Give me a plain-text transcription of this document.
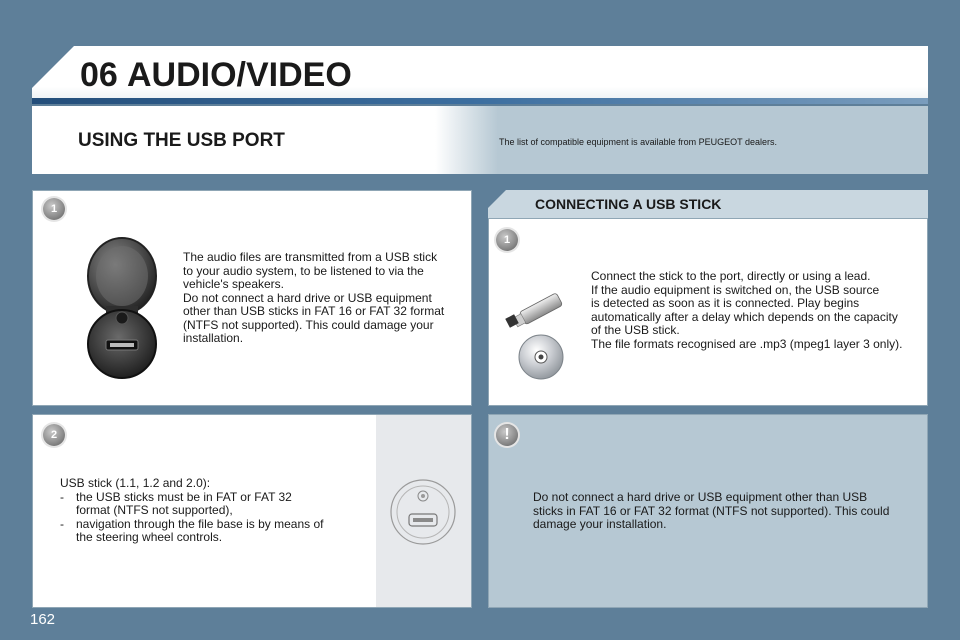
06 AUDIO/VIDEO
USING THE USB PORT	The list of compatible equipment is available from PEUGEOT dealers.
1
The audio files are transmitted from a USB stick
to your audio system, to be listened to via the
vehicle's speakers.
Do not connect a hard drive or USB equipment
other than USB sticks in FAT 16 or FAT 32 format
(NTFS not supported). This could damage your
installation.
CONNECTING A USB STICK
1
Connect the stick to the port, directly or using a lead.
If the audio equipment is switched on, the USB source
is detected as soon as it is connected. Play begins
automatically after a delay which depends on the capacity
of the USB stick.
The file formats recognised are .mp3 (mpeg1 layer 3 only).
2
USB stick (1.1, 1.2 and 2.0):
-	the USB sticks must be in FAT or FAT 32
format (NTFS not supported),
-	navigation through the file base is by means of
the steering wheel controls.
!
Do not connect a hard drive or USB equipment other than USB
sticks in FAT 16 or FAT 32 format (NTFS not supported). This could
damage your installation.
162
